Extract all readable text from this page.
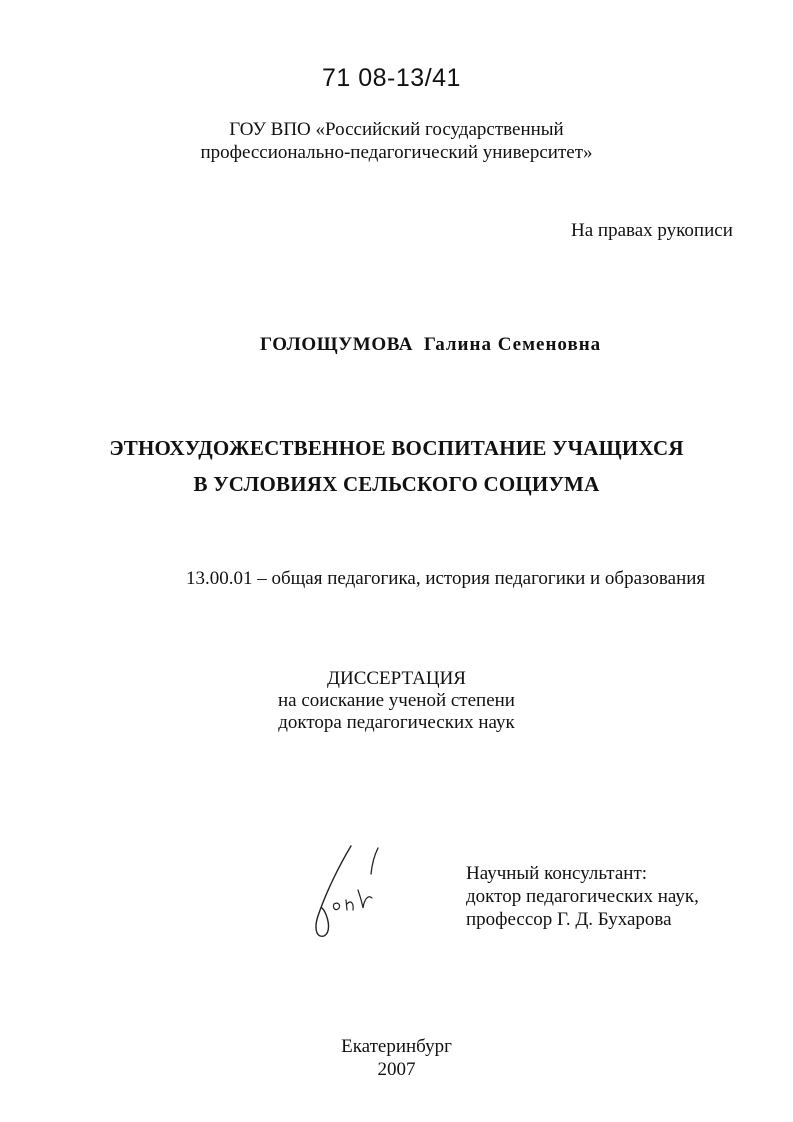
71 08-13/41
ГОУ ВПО «Российский государственный
профессионально-педагогический университет»
На правах рукописи
ГОЛОЩУМОВА Галина Семеновна
ЭТНОХУДОЖЕСТВЕННОЕ ВОСПИТАНИЕ УЧАЩИХСЯ
В УСЛОВИЯХ СЕЛЬСКОГО СОЦИУМА
13.00.01 – общая педагогика, история педагогики и образования
ДИССЕРТАЦИЯ
на соискание ученой степени
доктора педагогических наук
Научный консультант:
доктор педагогических наук,
профессор Г. Д. Бухарова
Екатеринбург
2007
